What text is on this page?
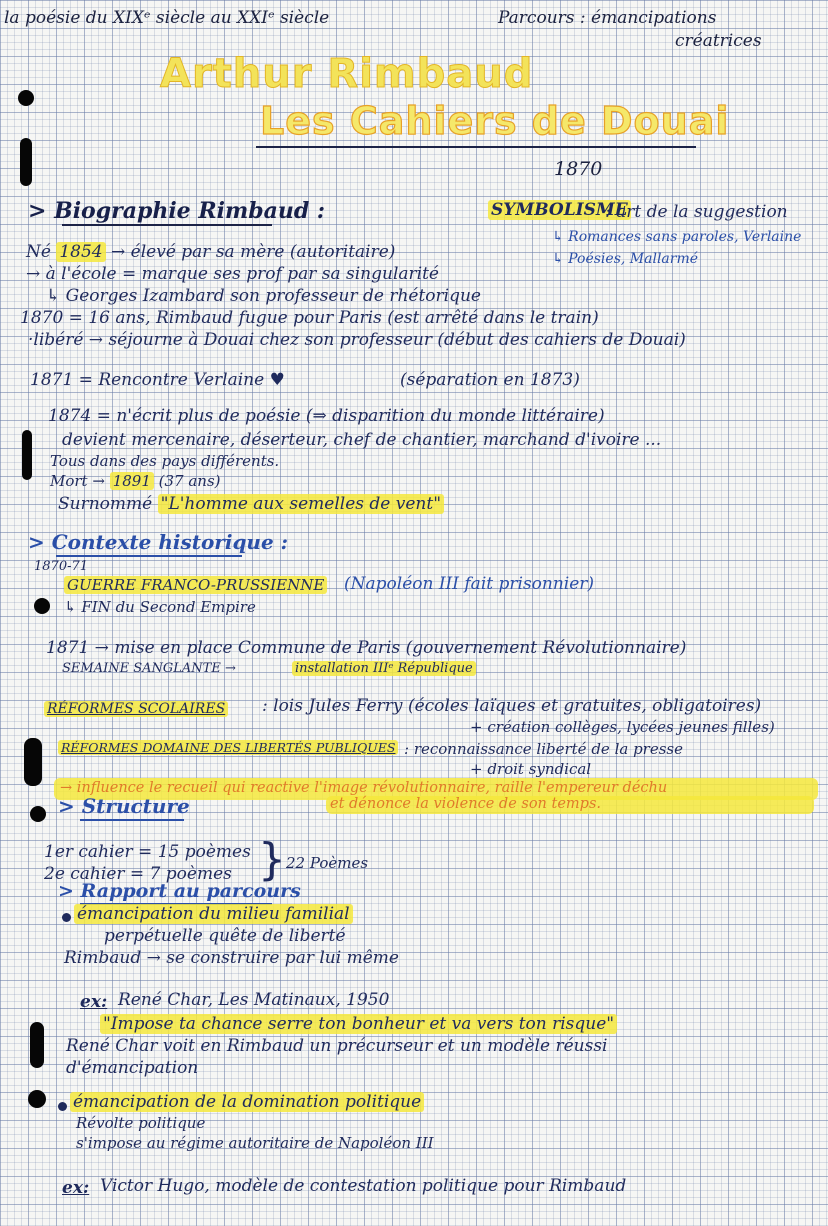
la poésie du XIXᵉ siècle au XXIᵉ siècle	Parcours : émancipations
créatrices
Arthur Rimbaud
Les Cahiers de Douai
1870
> Biographie Rimbaud :	SYMBOLISME
: art de la suggestion
↳ Romances sans paroles, Verlaine
↳ Poésies, Mallarmé
Né 1854 → élevé par sa mère (autoritaire)
→ à l'école = marque ses prof par sa singularité
↳ Georges Izambard son professeur de rhétorique
1870 = 16 ans, Rimbaud fugue pour Paris (est arrêté dans le train)
·libéré → séjourne à Douai chez son professeur (début des cahiers de Douai)
1871 = Rencontre Verlaine ♥	(séparation en 1873)
1874 = n'écrit plus de poésie (⇒ disparition du monde littéraire)
devient mercenaire, déserteur, chef de chantier, marchand d'ivoire ...
Tous dans des pays différents.
Mort → 1891 (37 ans)
Surnommé "L'homme aux semelles de vent"
> Contexte historique :
1870-71
GUERRE FRANCO-PRUSSIENNE (Napoléon III fait prisonnier)
↳ FIN du Second Empire
1871 → mise en place Commune de Paris (gouvernement Révolutionnaire)
SEMAINE SANGLANTE →	installation IIIᵉ République
RÉFORMES SCOLAIRES : lois Jules Ferry (écoles laïques et gratuites, obligatoires)
+ création collèges, lycées jeunes filles)
RÉFORMES DOMAINE DES LIBERTÉS PUBLIQUES : reconnaissance liberté de la presse
+ droit syndical
→ influence le recueil qui reactive l'image révolutionnaire, raille l'empereur déchu
et dénonce la violence de son temps.
> Structure
1er cahier = 15 poèmes
2e cahier = 7 poèmes } 22 Poèmes
> Rapport au parcours
émancipation du milieu familial
perpétuelle quête de liberté
Rimbaud → se construire par lui même
ex: René Char, Les Matinaux, 1950
"Impose ta chance serre ton bonheur et va vers ton risque"
René Char voit en Rimbaud un précurseur et un modèle réussi
d'émancipation
émancipation de la domination politique
Révolte politique
s'impose au régime autoritaire de Napoléon III
ex: Victor Hugo, modèle de contestation politique pour Rimbaud
